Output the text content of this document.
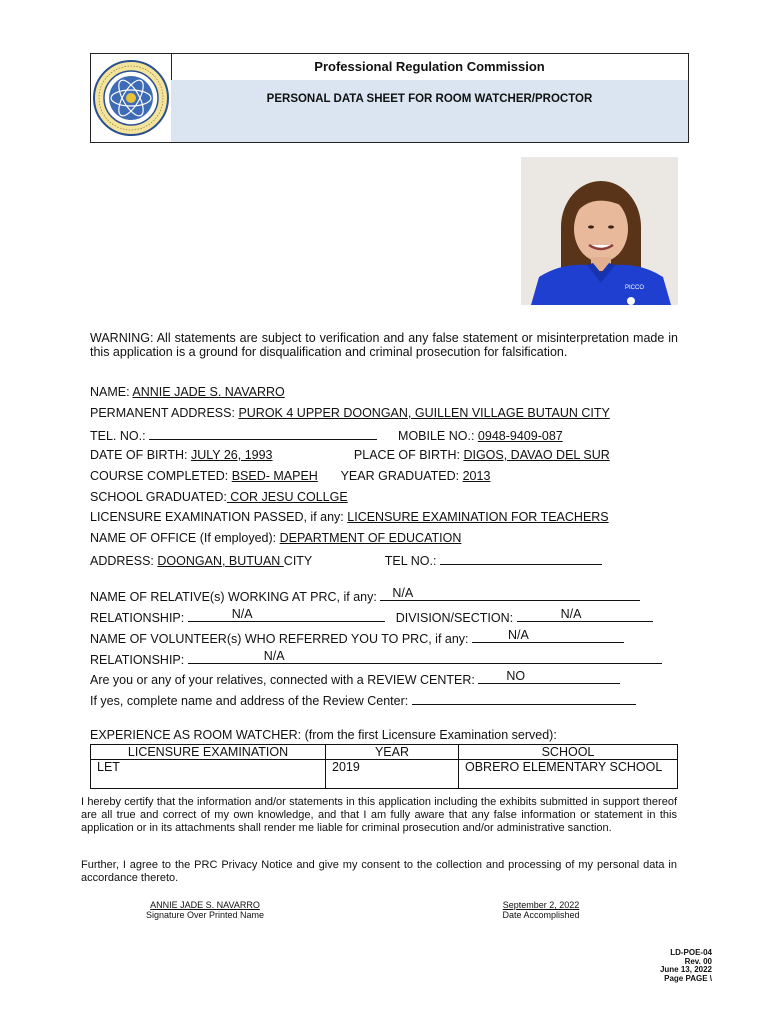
Professional Regulation Commission
PERSONAL DATA SHEET FOR ROOM WATCHER/PROCTOR
PICCO
WARNING: All statements are subject to verification and any false statement or misinterpretation made in this application is a ground for disqualification and criminal prosecution for falsification.
NAME: ANNIE JADE S. NAVARRO
PERMANENT ADDRESS: PUROK 4 UPPER DOONGAN, GUILLEN VILLAGE BUTAUN CITY
TEL. NO.:	MOBILE NO.: 0948-9409-087
DATE OF BIRTH: JULY 26, 1993	PLACE OF BIRTH: DIGOS, DAVAO DEL SUR
COURSE COMPLETED: BSED- MAPEH YEAR GRADUATED: 2013
SCHOOL GRADUATED: COR JESU COLLGE
LICENSURE EXAMINATION PASSED, if any: LICENSURE EXAMINATION FOR TEACHERS
NAME OF OFFICE (If employed): DEPARTMENT OF EDUCATION
ADDRESS: DOONGAN, BUTUAN CITY	TEL NO.:
NAME OF RELATIVE(s) WORKING AT PRC, if any: N/A
RELATIONSHIP:	N/A	DIVISION/SECTION:	N/A
NAME OF VOLUNTEER(s) WHO REFERRED YOU TO PRC, if any:	N/A
RELATIONSHIP:	N/A
Are you or any of your relatives, connected with a REVIEW CENTER:	NO
If yes, complete name and address of the Review Center:
EXPERIENCE AS ROOM WATCHER: (from the first Licensure Examination served):
LICENSURE EXAMINATION	YEAR	SCHOOL
LET	2019	OBRERO ELEMENTARY SCHOOL
I hereby certify that the information and/or statements in this application including the exhibits submitted in support thereof are all true and correct of my own knowledge, and that I am fully aware that any false information or statement in this application or in its attachments shall render me liable for criminal prosecution and/or administrative sanction.
Further, I agree to the PRC Privacy Notice and give my consent to the collection and processing of my personal data in accordance thereto.
ANNIE JADE S. NAVARRO
Signature Over Printed Name
September 2, 2022
Date Accomplished
LD-POE-04
Rev. 00
June 13, 2022
Page PAGE \
